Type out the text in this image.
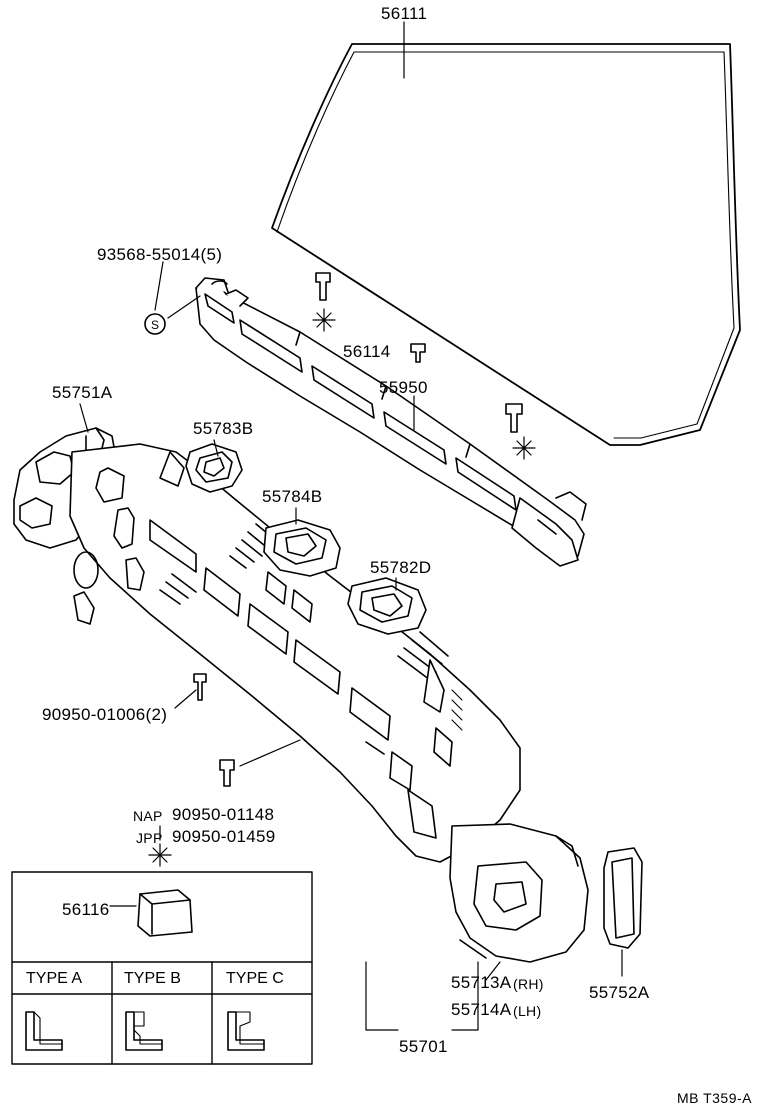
S
56111
93568-55014(5)
56114
55950
55751A
55783B
55784B
55782D
90950-01006(2)
NAP 90950-01148
JPP 90950-01459
56116
55713A (RH)
55714A (LH)
55752A
55701
TYPE A	TYPE B	TYPE C
MB T359-A
